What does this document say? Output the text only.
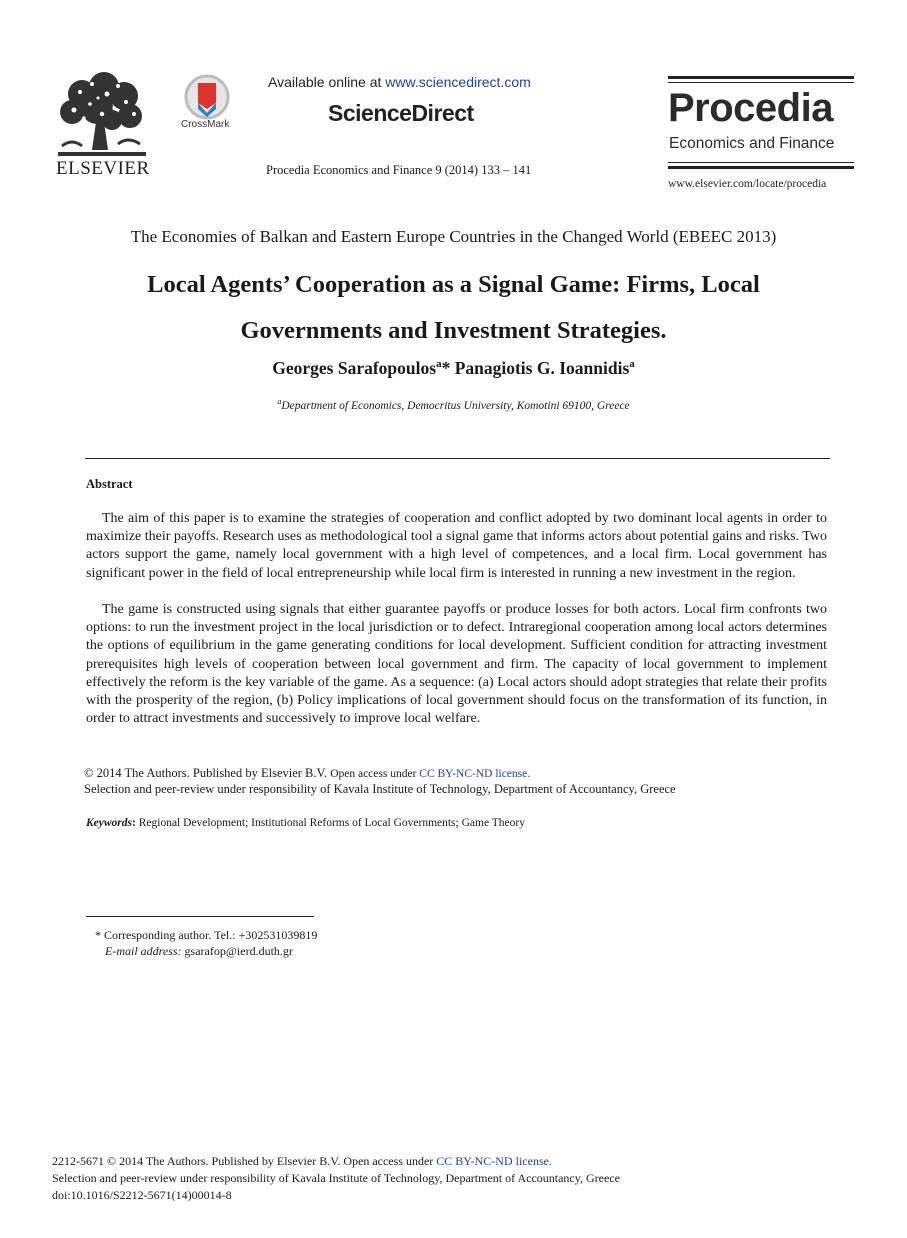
ELSEVIER
CrossMark
Available online at www.sciencedirect.com
ScienceDirect
Procedia Economics and Finance 9 (2014) 133 – 141
Procedia
Economics and Finance
www.elsevier.com/locate/procedia
The Economies of Balkan and Eastern Europe Countries in the Changed World (EBEEC 2013)
Local Agents’ Cooperation as a Signal Game: Firms, Local
Governments and Investment Strategies.
Georges Sarafopoulos$^a$* Panagiotis G. Ioannidis$^a$
$^a$Department of Economics, Democritus University, Komotini 69100, Greece
Abstract

The aim of this paper is to examine the strategies of cooperation and conflict adopted by two dominant local agents in order to maximize their payoffs. Research uses as methodological tool a signal game that informs actors about potential gains and risks. Two actors support the game, namely local government with a high level of competences, and a local firm. Local government has significant power in the field of local entrepreneurship while local firm is interested in running a new investment in the region.

The game is constructed using signals that either guarantee payoffs or produce losses for both actors. Local firm confronts two options: to run the investment project in the local jurisdiction or to defect. Intraregional cooperation among local actors determines the options of equilibrium in the game generating conditions for local development. Sufficient condition for attracting investment prerequisites high levels of cooperation between local government and firm. The capacity of local government to implement effectively the reform is the key variable of the game. As a sequence: (a) Local actors should adopt strategies that relate their profits with the prosperity of the region, (b) Policy implications of local government should focus on the transformation of its function, in order to attract investments and successively to improve local welfare.

© 2014 The Authors. Published by Elsevier B.V. Open access under CC BY-NC-ND license.
Selection and peer-review under responsibility of Kavala Institute of Technology, Department of Accountancy, Greece
Keywords: Regional Development; Institutional Reforms of Local Governments; Game Theory
* Corresponding author. Tel.: +302531039819
E-mail address: gsarafop@ierd.duth.gr
2212-5671 © 2014 The Authors. Published by Elsevier B.V. Open access under CC BY-NC-ND license.
Selection and peer-review under responsibility of Kavala Institute of Technology, Department of Accountancy, Greece
doi:10.1016/S2212-5671(14)00014-8
